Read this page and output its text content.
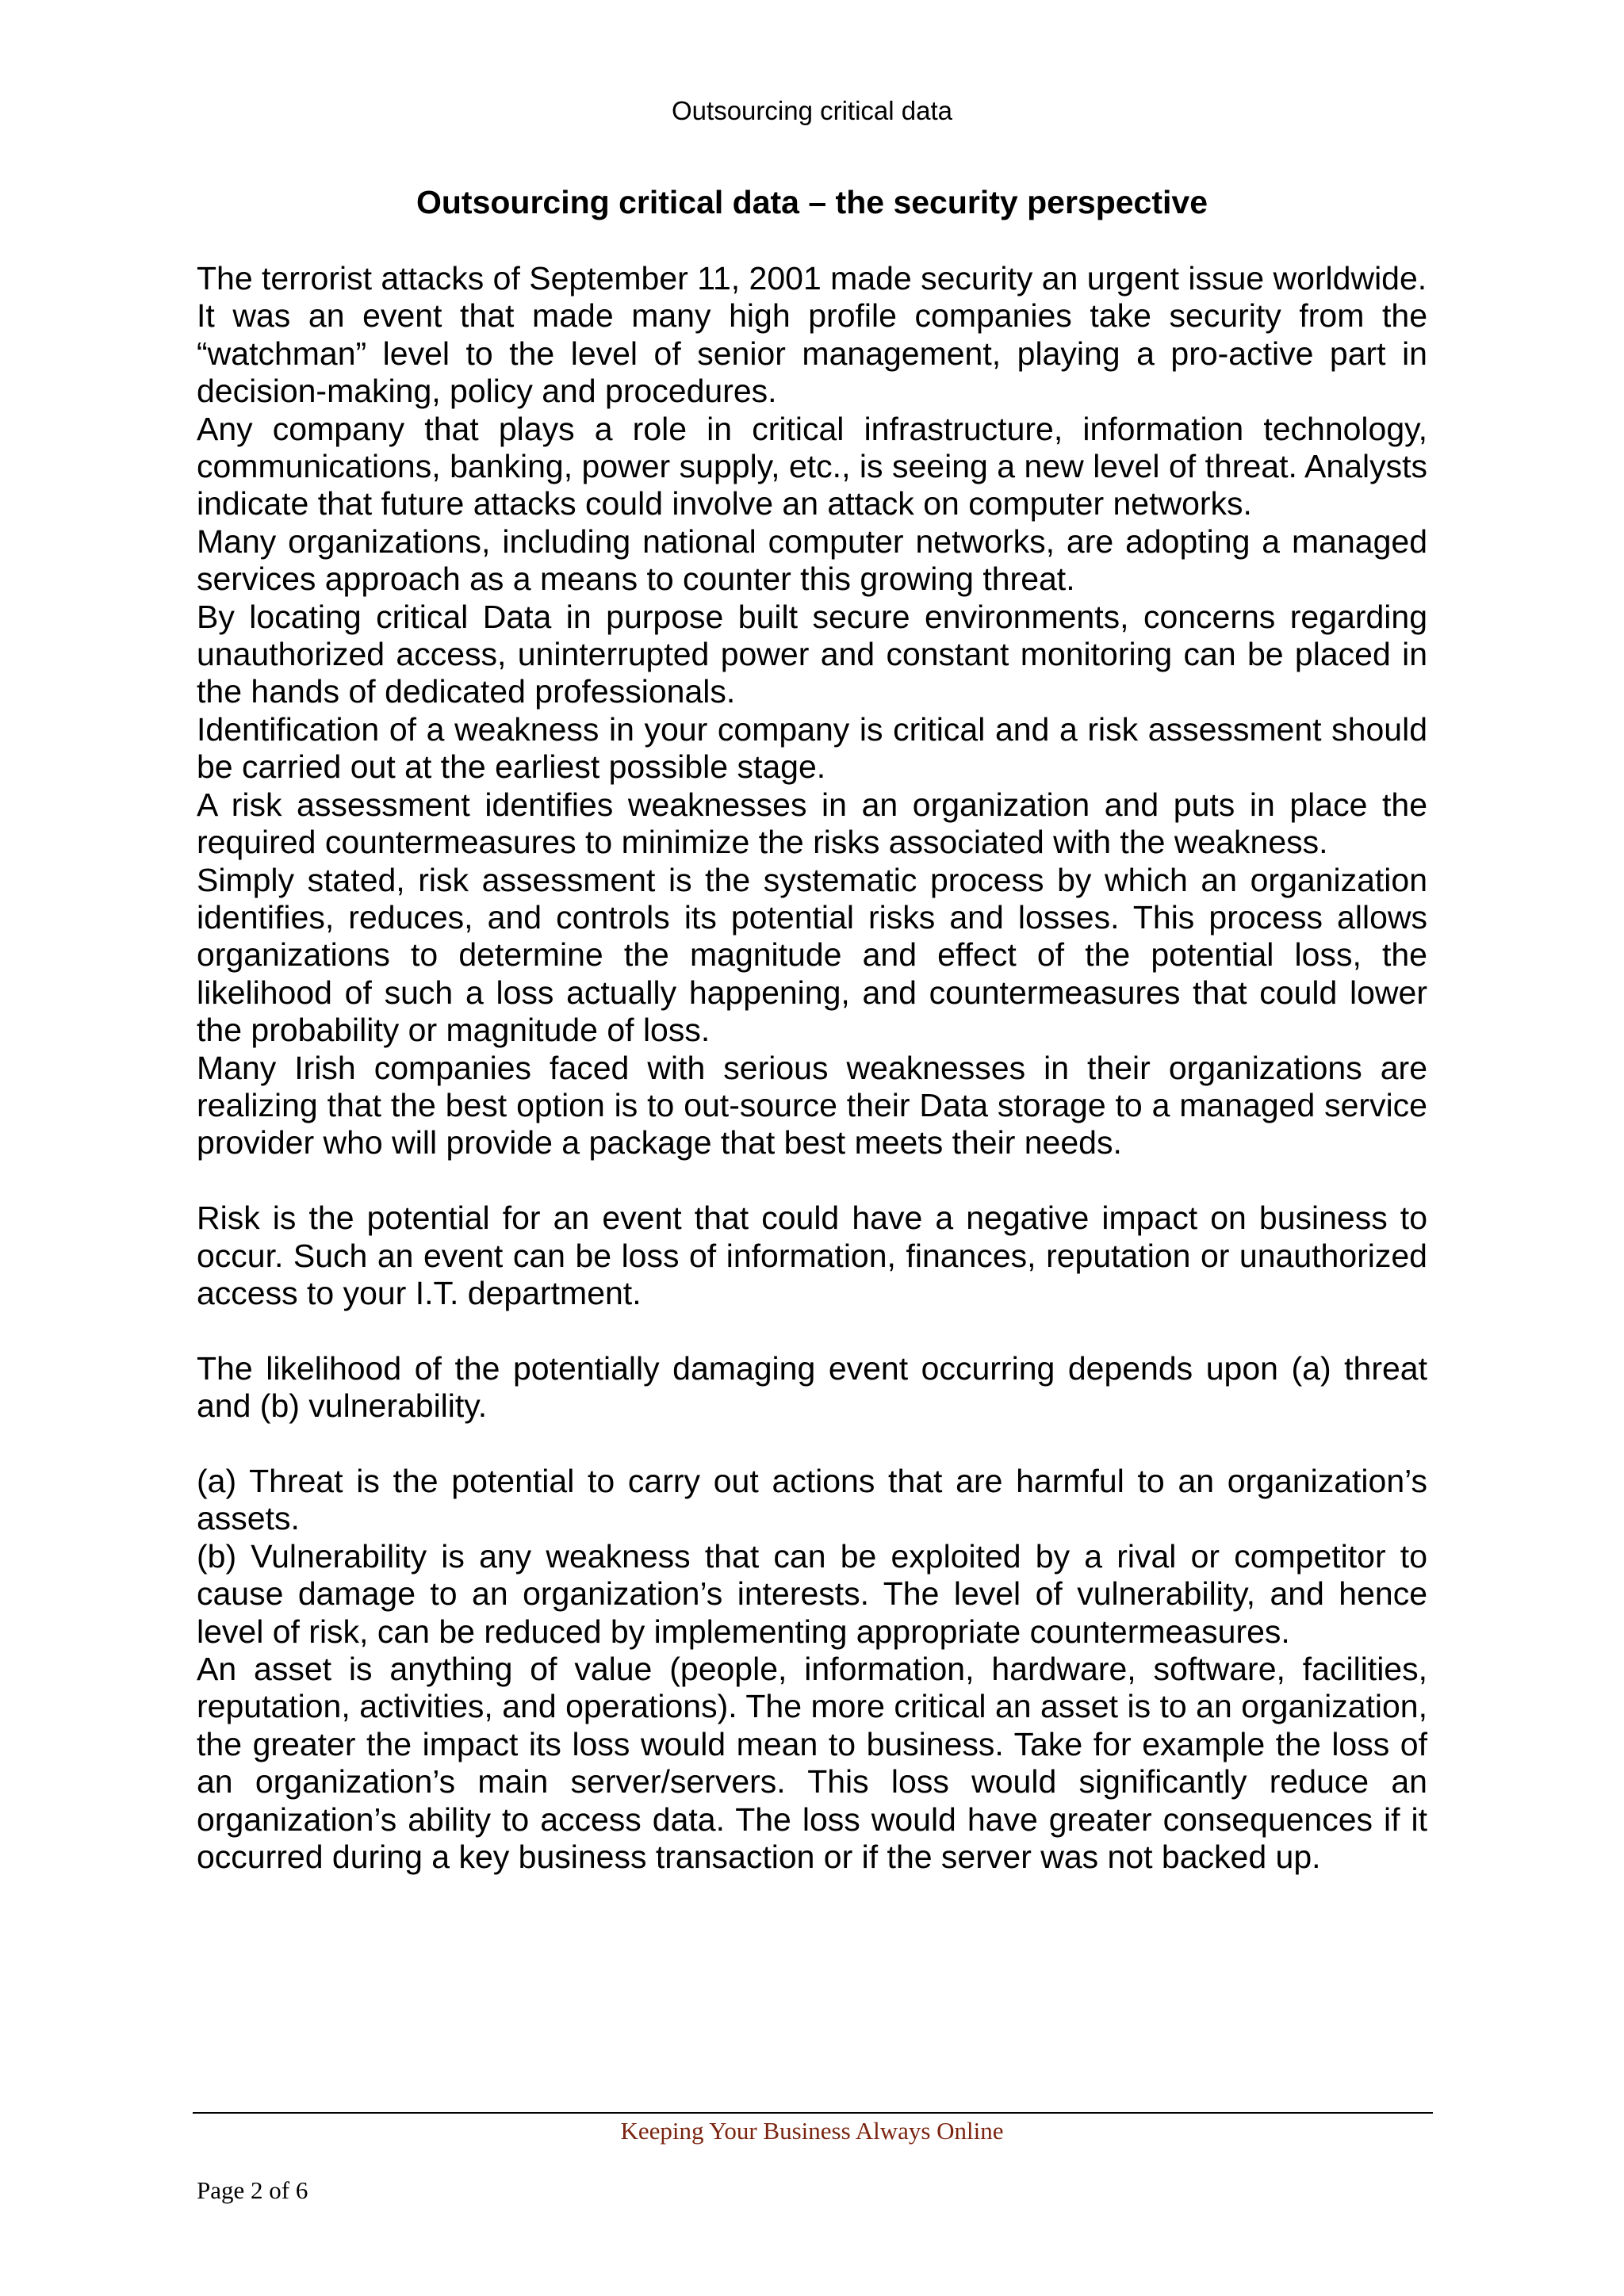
Outsourcing critical data
Outsourcing critical data – the security perspective

The terrorist attacks of September 11, 2001 made security an urgent issue worldwide.

It was an event that made many high profile companies take security from the “watchman” level to the level of senior management, playing a pro-active part in decision-making, policy and procedures.

Any company that plays a role in critical infrastructure, information technology, communications, banking, power supply, etc., is seeing a new level of threat. Analysts indicate that future attacks could involve an attack on computer networks.

Many organizations, including national computer networks, are adopting a managed services approach as a means to counter this growing threat.

By locating critical Data in purpose built secure environments, concerns regarding unauthorized access, uninterrupted power and constant monitoring can be placed in the hands of dedicated professionals.

Identification of a weakness in your company is critical and a risk assessment should be carried out at the earliest possible stage.

A risk assessment identifies weaknesses in an organization and puts in place the required countermeasures to minimize the risks associated with the weakness.

Simply stated, risk assessment is the systematic process by which an organization identifies, reduces, and controls its potential risks and losses. This process allows organizations to determine the magnitude and effect of the potential loss, the likelihood of such a loss actually happening, and countermeasures that could lower the probability or magnitude of loss.

Many Irish companies faced with serious weaknesses in their organizations are realizing that the best option is to out-source their Data storage to a managed service provider who will provide a package that best meets their needs.

Risk is the potential for an event that could have a negative impact on business to occur. Such an event can be loss of information, finances, reputation or unauthorized access to your I.T. department.

The likelihood of the potentially damaging event occurring depends upon (a) threat and (b) vulnerability.

(a) Threat is the potential to carry out actions that are harmful to an organization’s assets.

(b) Vulnerability is any weakness that can be exploited by a rival or competitor to cause damage to an organization’s interests. The level of vulnerability, and hence level of risk, can be reduced by implementing appropriate countermeasures.

An asset is anything of value (people, information, hardware, software, facilities, reputation, activities, and operations). The more critical an asset is to an organization, the greater the impact its loss would mean to business. Take for example the loss of an organization’s main server/servers. This loss would significantly reduce an organization’s ability to access data. The loss would have greater consequences if it occurred during a key business transaction or if the server was not backed up.

Keeping Your Business Always Online
Page 2 of 6
